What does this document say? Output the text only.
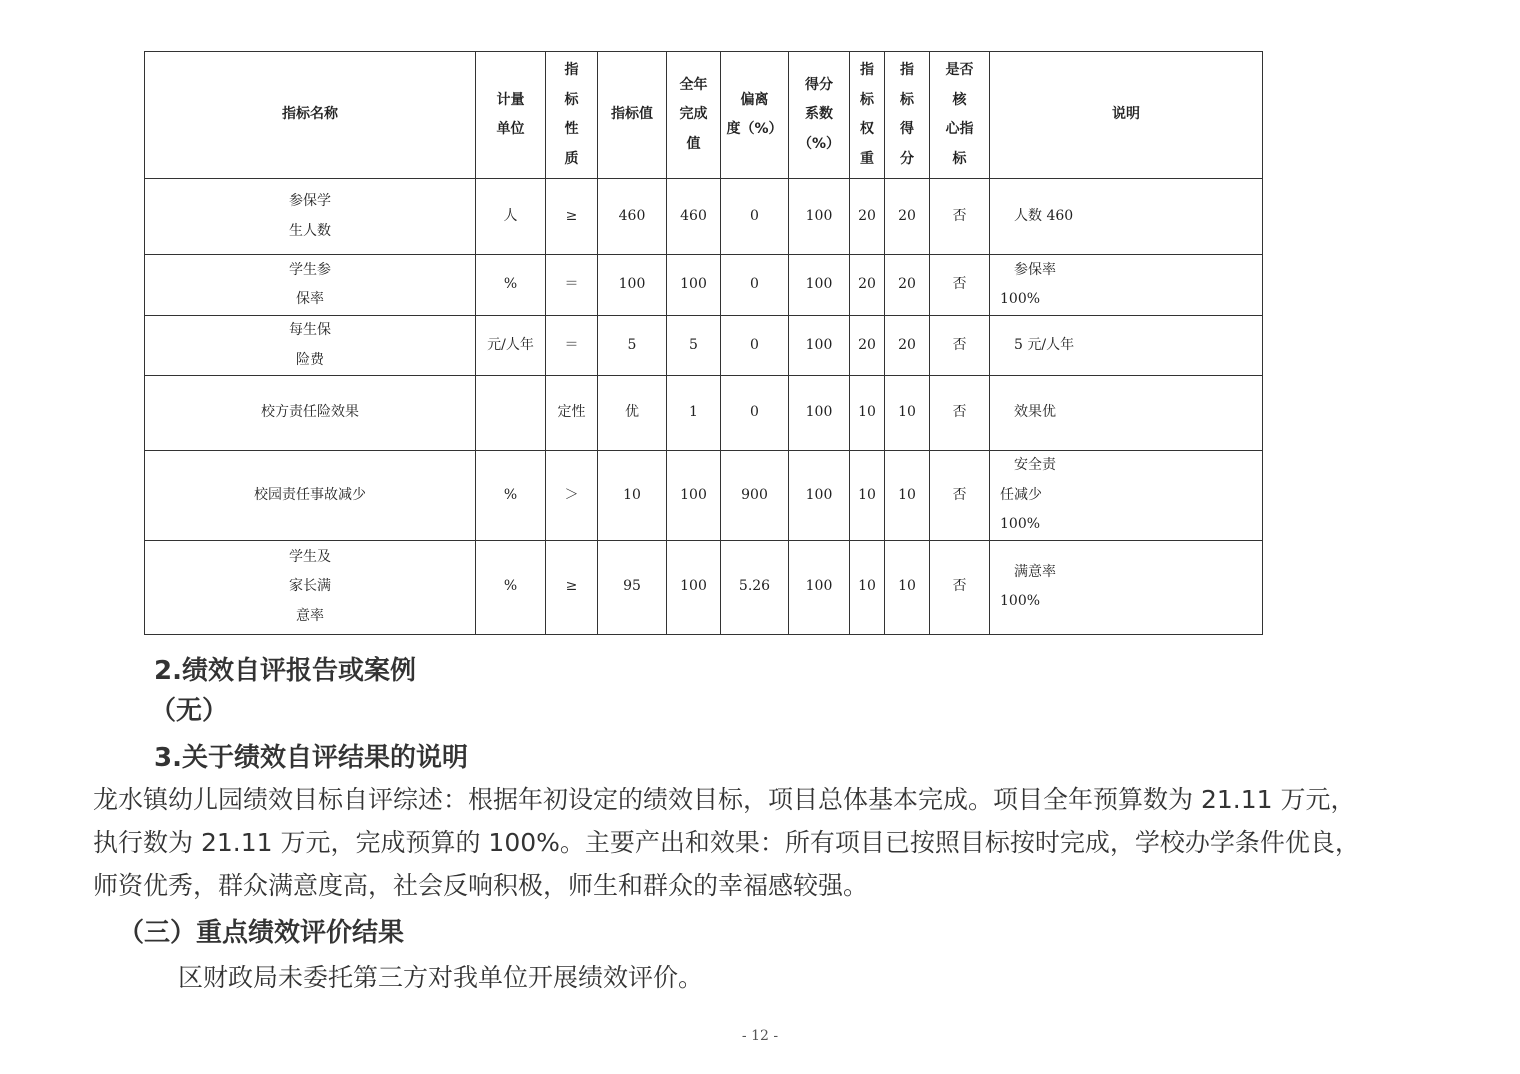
指标名称	计量
单位	指
标
性
质	指标值	全年
完成
值	偏离
度（%）	得分
系数
（%）	指
标
权
重	指
标
得
分	是否
核
心指
标	说明
参保学
生人数	人	≥	460	460	0	100	20	20	否	　人数 460

学生参
保率	%	＝	100	100	0	100	20	20	否	　参保率
100%

每生保
险费	元/人年	＝	5	5	0	100	20	20	否	　5 元/人年

校方责任险效果		定性	优	1	0	100	10	10	否	　效果优

校园责任事故减少	%	＞	10	100	900	100	10	10	否	　安全责
任减少
100%

学生及
家长满
意率	%	≥	95	100	5.26	100	10	10	否	　满意率
100%
2.绩效自评报告或案例

（无）

3.关于绩效自评结果的说明

龙水镇幼儿园绩效目标自评综述：根据年初设定的绩效目标，项目总体基本完成。项目全年预算数为 21.11 万元，

执行数为 21.11 万元，完成预算的 100%。主要产出和效果：所有项目已按照目标按时完成，学校办学条件优良，

师资优秀，群众满意度高，社会反响积极，师生和群众的幸福感较强。

（三）重点绩效评价结果

区财政局未委托第三方对我单位开展绩效评价。

- 12 -
